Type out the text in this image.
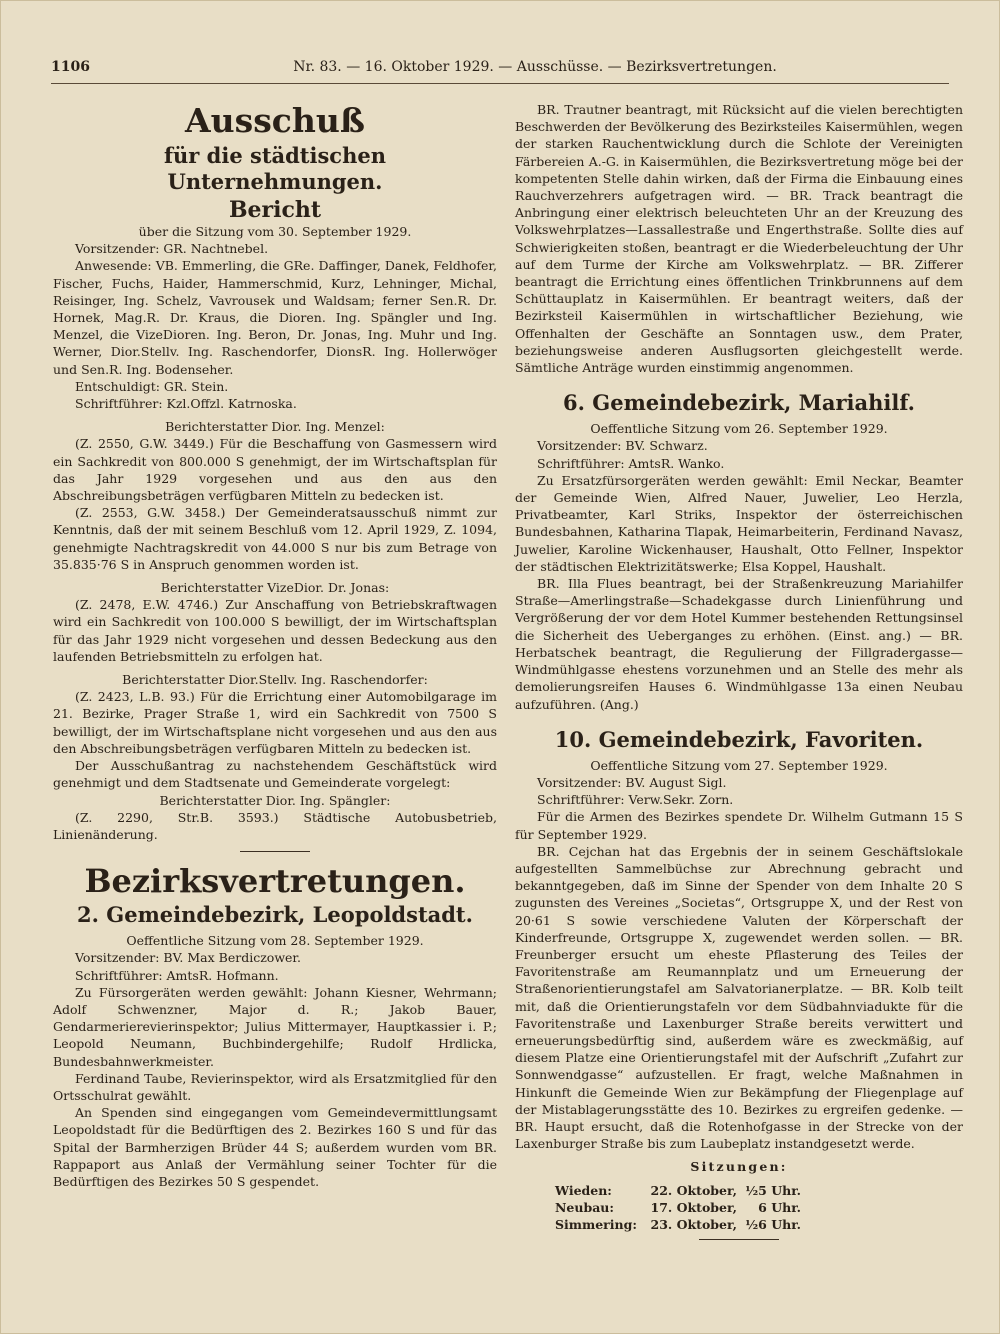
1106	Nr. 83. — 16. Oktober 1929. — Ausschüsse. — Bezirksvertretungen.
Ausschuß
für die städtischen Unternehmungen.
Bericht

über die Sitzung vom 30. September 1929.

Vorsitzender: GR. Nachtnebel.

Anwesende: VB. Emmerling, die GRe. Daffinger, Danek, Feldhofer, Fischer, Fuchs, Haider, Hammerschmid, Kurz, Lehninger, Michal, Reisinger, Ing. Schelz, Vavrousek und Waldsam; ferner Sen.R. Dr. Hornek, Mag.R. Dr. Kraus, die Dioren. Ing. Spängler und Ing. Menzel, die VizeDioren. Ing. Beron, Dr. Jonas, Ing. Muhr und Ing. Werner, Dior.Stellv. Ing. Raschendorfer, DionsR. Ing. Hollerwöger und Sen.R. Ing. Bodenseher.

Entschuldigt: GR. Stein.

Schriftführer: Kzl.Offzl. Katrnoska.

Berichterstatter Dior. Ing. Menzel:

(Z. 2550, G.W. 3449.) Für die Beschaffung von Gasmessern wird ein Sachkredit von 800.000 S genehmigt, der im Wirtschaftsplan für das Jahr 1929 vorgesehen und aus den aus den Abschreibungsbeträgen verfügbaren Mitteln zu bedecken ist.

(Z. 2553, G.W. 3458.) Der Gemeinderatsausschuß nimmt zur Kenntnis, daß der mit seinem Beschluß vom 12. April 1929, Z. 1094, genehmigte Nachtragskredit von 44.000 S nur bis zum Betrage von 35.835·76 S in Anspruch genommen worden ist.

Berichterstatter VizeDior. Dr. Jonas:

(Z. 2478, E.W. 4746.) Zur Anschaffung von Betriebskraftwagen wird ein Sachkredit von 100.000 S bewilligt, der im Wirtschaftsplan für das Jahr 1929 nicht vorgesehen und dessen Bedeckung aus den laufenden Betriebsmitteln zu erfolgen hat.

Berichterstatter Dior.Stellv. Ing. Raschendorfer:

(Z. 2423, L.B. 93.) Für die Errichtung einer Automobilgarage im 21. Bezirke, Prager Straße 1, wird ein Sachkredit von 7500 S bewilligt, der im Wirtschaftsplane nicht vorgesehen und aus den aus den Abschreibungsbeträgen verfügbaren Mitteln zu bedecken ist.

Der Ausschußantrag zu nachstehendem Geschäftstück wird genehmigt und dem Stadtsenate und Gemeinderate vorgelegt:

Berichterstatter Dior. Ing. Spängler:

(Z. 2290, Str.B. 3593.) Städtische Autobusbetrieb, Linienänderung.

Bezirksvertretungen.
2. Gemeindebezirk, Leopoldstadt.

Oeffentliche Sitzung vom 28. September 1929.

Vorsitzender: BV. Max Berdiczower.

Schriftführer: AmtsR. Hofmann.

Zu Fürsorgeräten werden gewählt: Johann Kiesner, Wehrmann; Adolf Schwenzner, Major d. R.; Jakob Bauer, Gendarmerierevierinspektor; Julius Mittermayer, Hauptkassier i. P.; Leopold Neumann, Buchbindergehilfe; Rudolf Hrdlicka, Bundesbahnwerkmeister.

Ferdinand Taube, Revierinspektor, wird als Ersatzmitglied für den Ortsschulrat gewählt.

An Spenden sind eingegangen vom Gemeindevermittlungsamt Leopoldstadt für die Bedürftigen des 2. Bezirkes 160 S und für das Spital der Barmherzigen Brüder 44 S; außerdem wurden vom BR. Rappaport aus Anlaß der Vermählung seiner Tochter für die Bedürftigen des Bezirkes 50 S gespendet.

BR. Trautner beantragt, mit Rücksicht auf die vielen berechtigten Beschwerden der Bevölkerung des Bezirksteiles Kaisermühlen, wegen der starken Rauchentwicklung durch die Schlote der Vereinigten Färbereien A.-G. in Kaisermühlen, die Bezirksvertretung möge bei der kompetenten Stelle dahin wirken, daß der Firma die Einbauung eines Rauchverzehrers aufgetragen wird. — BR. Track beantragt die Anbringung einer elektrisch beleuchteten Uhr an der Kreuzung des Volkswehrplatzes—Lassallestraße und Engerthstraße. Sollte dies auf Schwierigkeiten stoßen, beantragt er die Wiederbeleuchtung der Uhr auf dem Turme der Kirche am Volkswehrplatz. — BR. Zifferer beantragt die Errichtung eines öffentlichen Trinkbrunnens auf dem Schüttauplatz in Kaisermühlen. Er beantragt weiters, daß der Bezirksteil Kaisermühlen in wirtschaftlicher Beziehung, wie Offenhalten der Geschäfte an Sonntagen usw., dem Prater, beziehungsweise anderen Ausflugsorten gleichgestellt werde. Sämtliche Anträge wurden einstimmig angenommen.

6. Gemeindebezirk, Mariahilf.

Oeffentliche Sitzung vom 26. September 1929.

Vorsitzender: BV. Schwarz.

Schriftführer: AmtsR. Wanko.

Zu Ersatzfürsorgeräten werden gewählt: Emil Neckar, Beamter der Gemeinde Wien, Alfred Nauer, Juwelier, Leo Herzla, Privatbeamter, Karl Striks, Inspektor der österreichischen Bundesbahnen, Katharina Tlapak, Heimarbeiterin, Ferdinand Navasz, Juwelier, Karoline Wickenhauser, Haushalt, Otto Fellner, Inspektor der städtischen Elektrizitätswerke; Elsa Koppel, Haushalt.

BR. Illa Flues beantragt, bei der Straßenkreuzung Mariahilfer Straße—Amerlingstraße—Schadekgasse durch Linienführung und Vergrößerung der vor dem Hotel Kummer bestehenden Rettungsinsel die Sicherheit des Ueberganges zu erhöhen. (Einst. ang.) — BR. Herbatschek beantragt, die Regulierung der Fillgradergasse—Windmühlgasse ehestens vorzunehmen und an Stelle des mehr als demolierungsreifen Hauses 6. Windmühlgasse 13a einen Neubau aufzuführen. (Ang.)

10. Gemeindebezirk, Favoriten.

Oeffentliche Sitzung vom 27. September 1929.

Vorsitzender: BV. August Sigl.

Schriftführer: Verw.Sekr. Zorn.

Für die Armen des Bezirkes spendete Dr. Wilhelm Gutmann 15 S für September 1929.

BR. Cejchan hat das Ergebnis der in seinem Geschäftslokale aufgestellten Sammelbüchse zur Abrechnung gebracht und bekanntgegeben, daß im Sinne der Spender von dem Inhalte 20 S zugunsten des Vereines „Societas“, Ortsgruppe X, und der Rest von 20·61 S sowie verschiedene Valuten der Körperschaft der Kinderfreunde, Ortsgruppe X, zugewendet werden sollen. — BR. Freunberger ersucht um eheste Pflasterung des Teiles der Favoritenstraße am Reumannplatz und um Erneuerung der Straßenorientierungstafel am Salvatorianerplatze. — BR. Kolb teilt mit, daß die Orientierungstafeln vor dem Südbahnviadukte für die Favoritenstraße und Laxenburger Straße bereits verwittert und erneuerungsbedürftig sind, außerdem wäre es zweckmäßig, auf diesem Platze eine Orientierungstafel mit der Aufschrift „Zufahrt zur Sonnwendgasse“ aufzustellen. Er fragt, welche Maßnahmen in Hinkunft die Gemeinde Wien zur Bekämpfung der Fliegenplage auf der Mistablagerungsstätte des 10. Bezirkes zu ergreifen gedenke. — BR. Haupt ersucht, daß die Rotenhofgasse in der Strecke von der Laxenburger Straße bis zum Laubeplatz instandgesetzt werde.

Sitzungen:

Wieden:	22. Oktober, ½5 Uhr.
Neubau:	17. Oktober,	6 Uhr.
Simmering:	23. Oktober, ½6 Uhr.
